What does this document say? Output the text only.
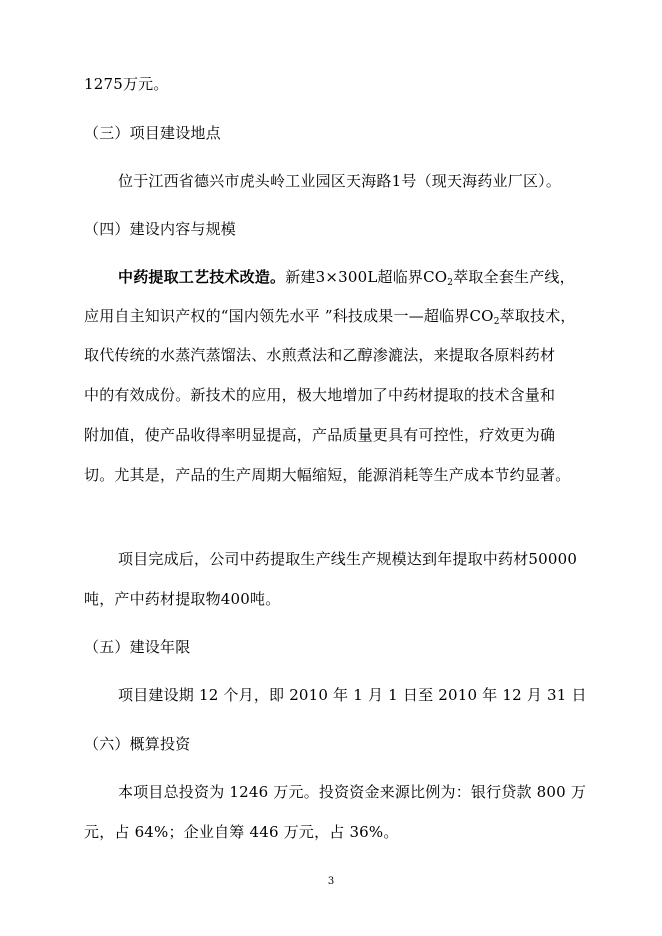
1275万元。
（三）项目建设地点
位于江西省德兴市虎头岭工业园区天海路1号（现天海药业厂区）。
（四）建设内容与规模
中药提取工艺技术改造。新建3×300L超临界$CO_2$萃取全套生产线，
应用自主知识产权的“国内领先水平 ”科技成果一—超临界$CO_2$萃取技术，
取代传统的水蒸汽蒸馏法、水煎煮法和乙醇渗漉法，来提取各原料药材
中的有效成份。新技术的应用，极大地增加了中药材提取的技术含量和
附加值，使产品收得率明显提高，产品质量更具有可控性，疗效更为确
切。尤其是，产品的生产周期大幅缩短，能源消耗等生产成本节约显著。
项目完成后，公司中药提取生产线生产规模达到年提取中药材50000
吨，产中药材提取物400吨。
（五）建设年限
项目建设期 12 个月，即 2010 年 1 月 1 日至 2010 年 12 月 31 日
（六）概算投资
本项目总投资为 1246 万元。投资资金来源比例为：银行贷款 800 万
元，占 64%；企业自筹 446 万元，占 36%。
3
